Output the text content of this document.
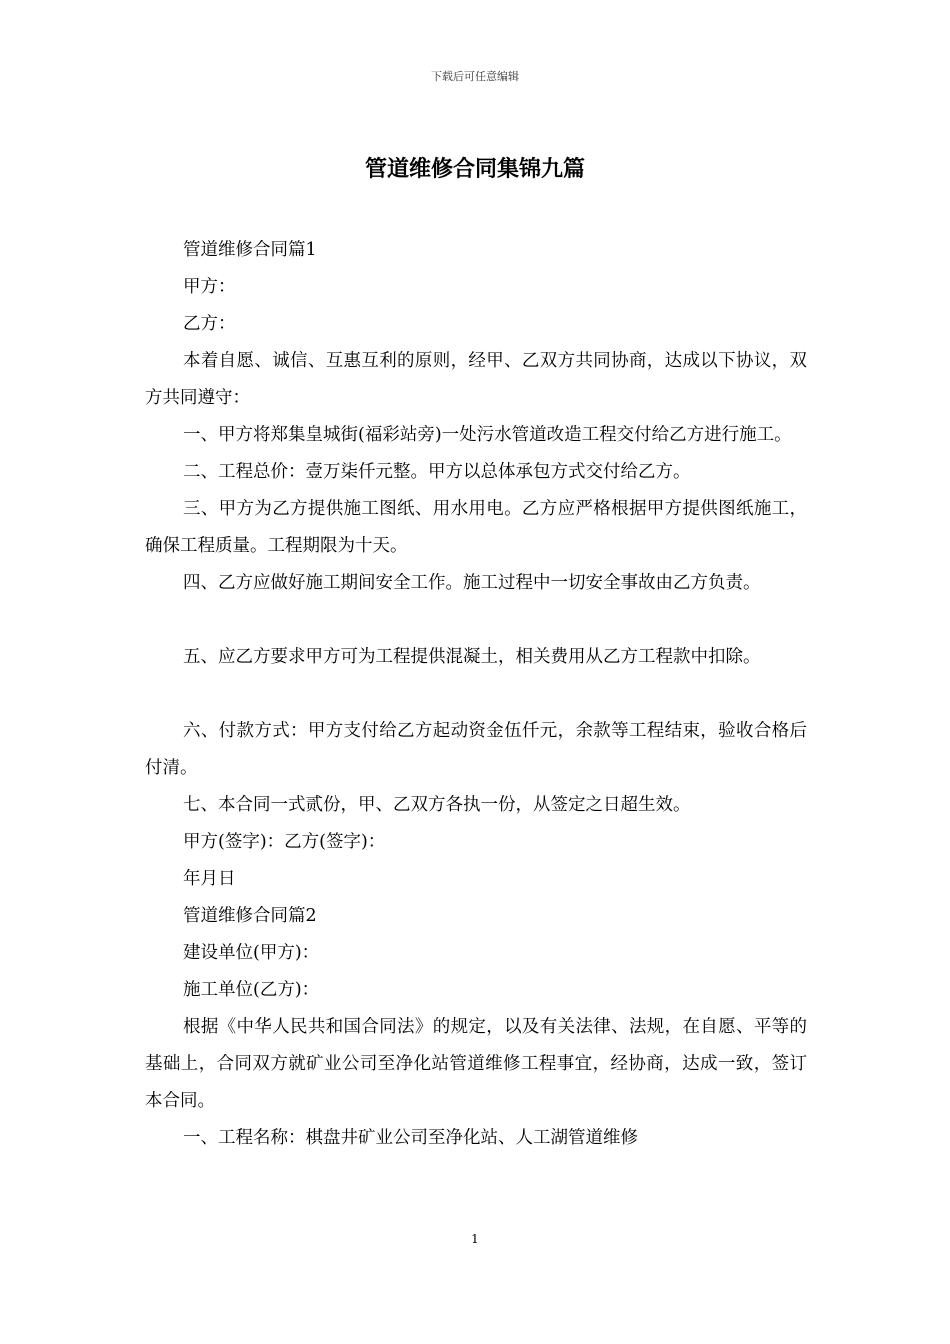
下载后可任意编辑
管道维修合同集锦九篇

管道维修合同篇1

甲方：

乙方：

本着自愿、诚信、互惠互利的原则，经甲、乙双方共同协商，达成以下协议，双方共同遵守：

一、甲方将郑集皇城街(福彩站旁)一处污水管道改造工程交付给乙方进行施工。

二、工程总价：壹万柒仟元整。甲方以总体承包方式交付给乙方。

三、甲方为乙方提供施工图纸、用水用电。乙方应严格根据甲方提供图纸施工，确保工程质量。工程期限为十天。

四、乙方应做好施工期间安全工作。施工过程中一切安全事故由乙方负责。

五、应乙方要求甲方可为工程提供混凝土，相关费用从乙方工程款中扣除。

六、付款方式：甲方支付给乙方起动资金伍仟元，余款等工程结束，验收合格后付清。

七、本合同一式贰份，甲、乙双方各执一份，从签定之日超生效。

甲方(签字)：乙方(签字)：

年月日

管道维修合同篇2

建设单位(甲方)：

施工单位(乙方)：

根据《中华人民共和国合同法》的规定，以及有关法律、法规，在自愿、平等的基础上，合同双方就矿业公司至净化站管道维修工程事宜，经协商，达成一致，签订本合同。

一、工程名称：棋盘井矿业公司至净化站、人工湖管道维修

1
